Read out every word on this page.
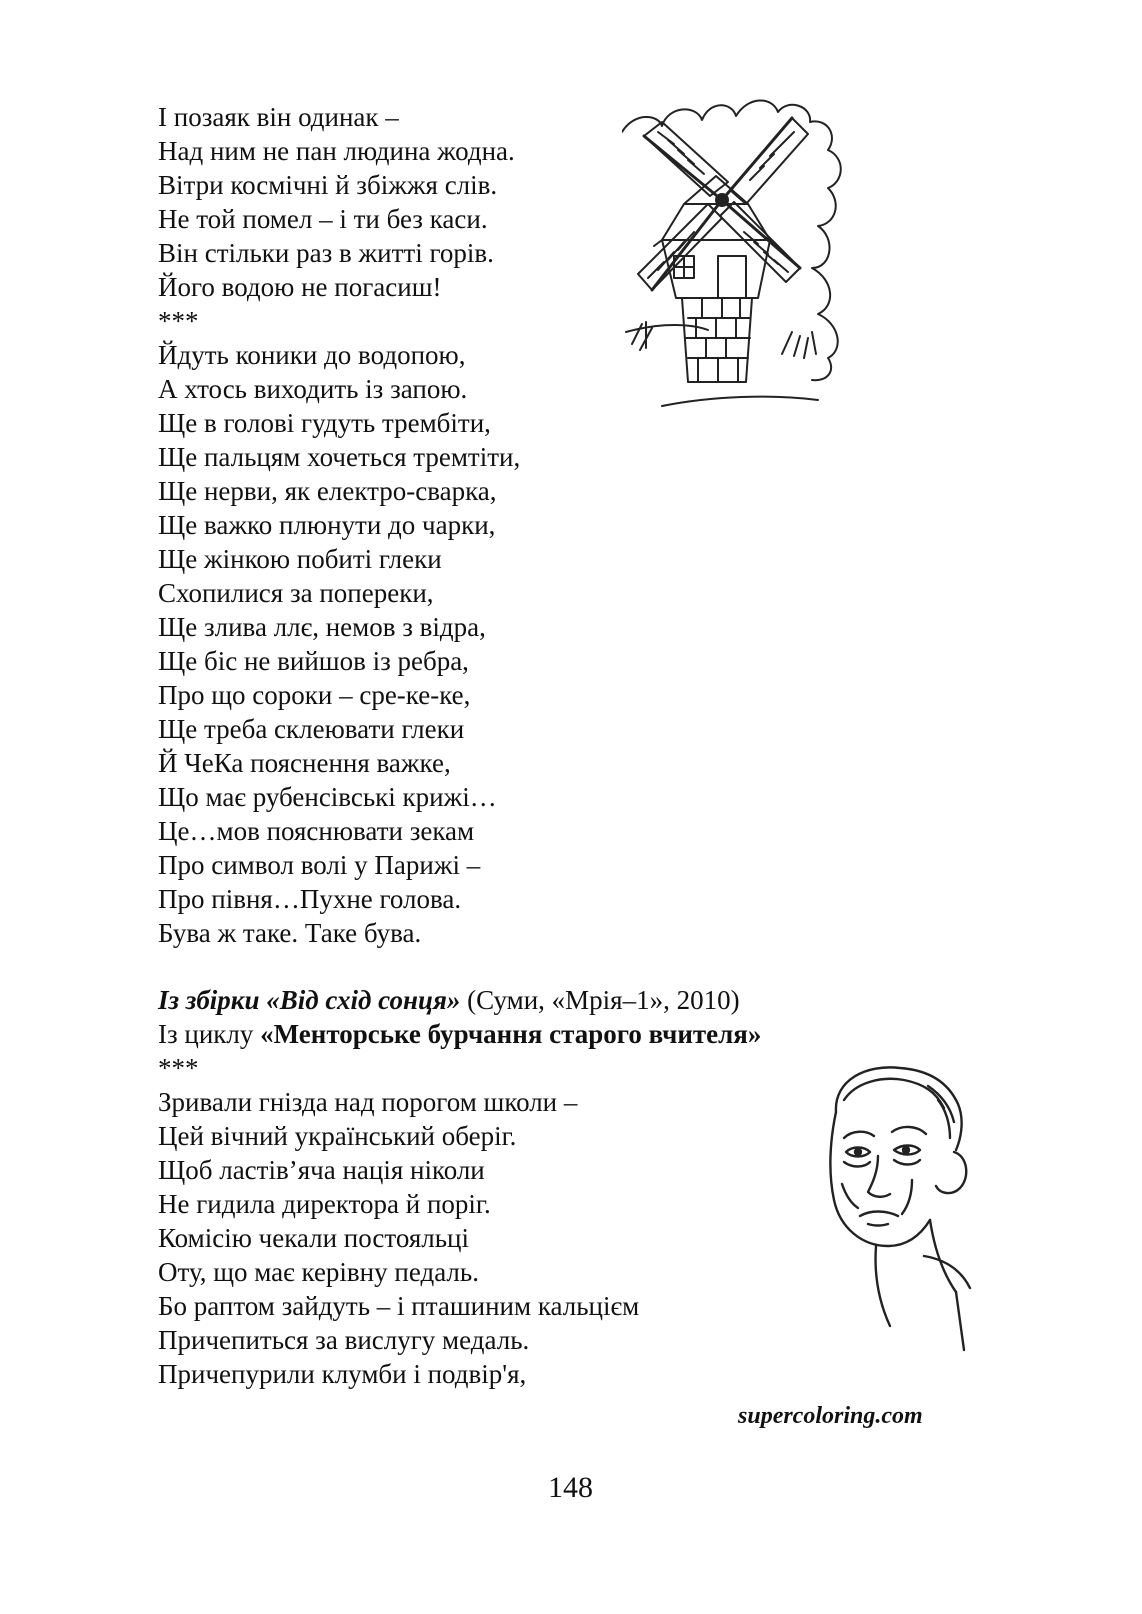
І позаяк він одинак –
Над ним не пан людина жодна.
Вітри космічні й збіжжя слів.
Не той помел – і ти без каси.
Він стільки раз в житті горів.
Його водою не погасиш!
***
Йдуть коники до водопою,
А хтось виходить із запою.
Ще в голові гудуть трембіти,
Ще пальцям хочеться тремтіти,
Ще нерви, як електро-сварка,
Ще важко плюнути до чарки,
Ще жінкою побиті глеки
Схопилися за попереки,
Ще злива ллє, немов з відра,
Ще біс не вийшов із ребра,
Про що сороки – сре-ке-ке,
Ще треба склеювати глеки
Й ЧеКа пояснення важке,
Що має рубенсівські крижі…
Це…мов пояснювати зекам
Про символ волі у Парижі –
Про півня…Пухне голова.
Бува ж таке. Таке бува.
Із збірки «Від схід сонця» (Суми, «Мрія–1», 2010)
Із циклу «Менторське бурчання старого вчителя»
***
Зривали гнізда над порогом школи –
Цей вічний український оберіг.
Щоб ластів’яча нація ніколи
Не гидила директора й поріг.
Комісію чекали постояльці
Оту, що має керівну педаль.
Бо раптом зайдуть – і пташиним кальцієм
Причепиться за вислугу медаль.
Причепурили клумби і подвір'я,
supercoloring.com
148
